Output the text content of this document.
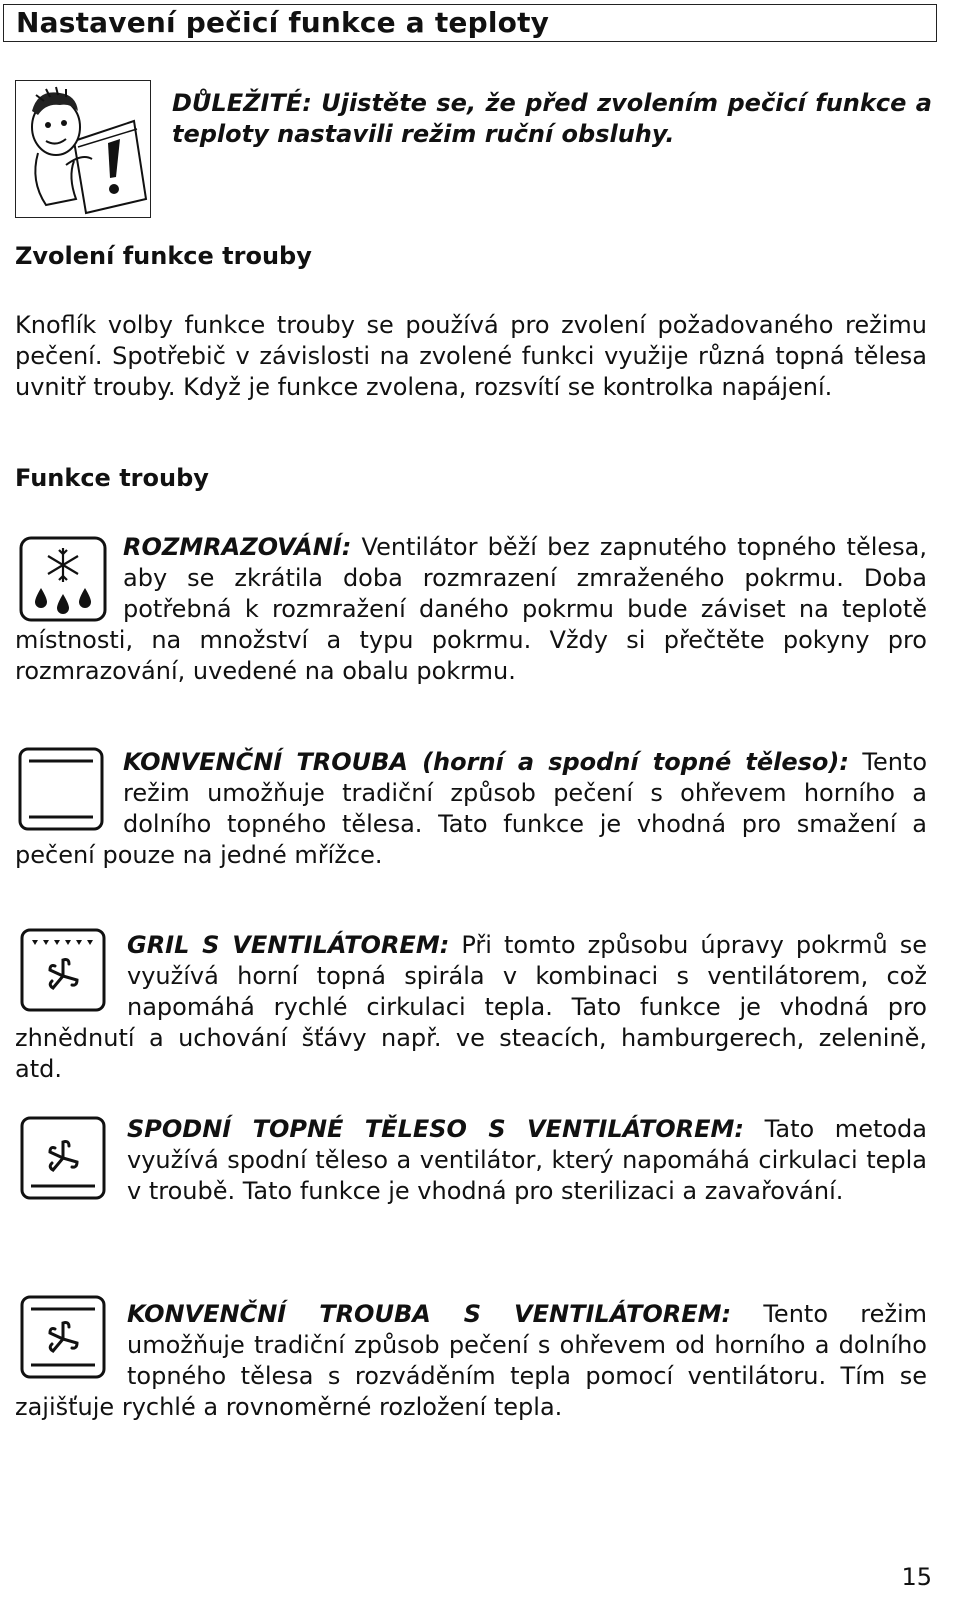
Nastavení pečicí funkce a teploty
DŮLEŽITÉ: Ujistěte se, že před zvolením pečicí funkce a teploty nastavili režim ruční obsluhy.
Zvolení funkce trouby
Knoflík volby funkce trouby se používá pro zvolení požadovaného režimu pečení. Spotřebič v závislosti na zvolené funkci využije různá topná tělesa uvnitř trouby. Když je funkce zvolena, rozsvítí se kontrolka napájení.
Funkce trouby
ROZMRAZOVÁNÍ: Ventilátor běží bez zapnutého topného tělesa, aby se zkrátila doba rozmrazení zmraženého pokrmu. Doba potřebná k rozmražení daného pokrmu bude záviset na teplotě místnosti, na množství a typu pokrmu. Vždy si přečtěte pokyny pro rozmrazování, uvedené na obalu pokrmu.
KONVENČNÍ TROUBA (horní a spodní topné těleso): Tento režim umožňuje tradiční způsob pečení s ohřevem horního a dolního topného tělesa. Tato funkce je vhodná pro smažení a pečení pouze na jedné mřížce.
GRIL S VENTILÁTOREM: Při tomto způsobu úpravy pokrmů se využívá horní topná spirála v kombinaci s ventilátorem, což napomáhá rychlé cirkulaci tepla. Tato funkce je vhodná pro zhnědnutí a uchování šťávy např. ve steacích, hamburgerech, zelenině, atd.
SPODNÍ TOPNÉ TĚLESO S VENTILÁTOREM: Tato metoda využívá spodní těleso a ventilátor, který napomáhá cirkulaci tepla v troubě. Tato funkce je vhodná pro sterilizaci a zavařování.
KONVENČNÍ TROUBA S VENTILÁTOREM: Tento režim umožňuje tradiční způsob pečení s ohřevem od horního a dolního topného tělesa s rozváděním tepla pomocí ventilátoru. Tím se zajišťuje rychlé a rovnoměrné rozložení tepla.
15
